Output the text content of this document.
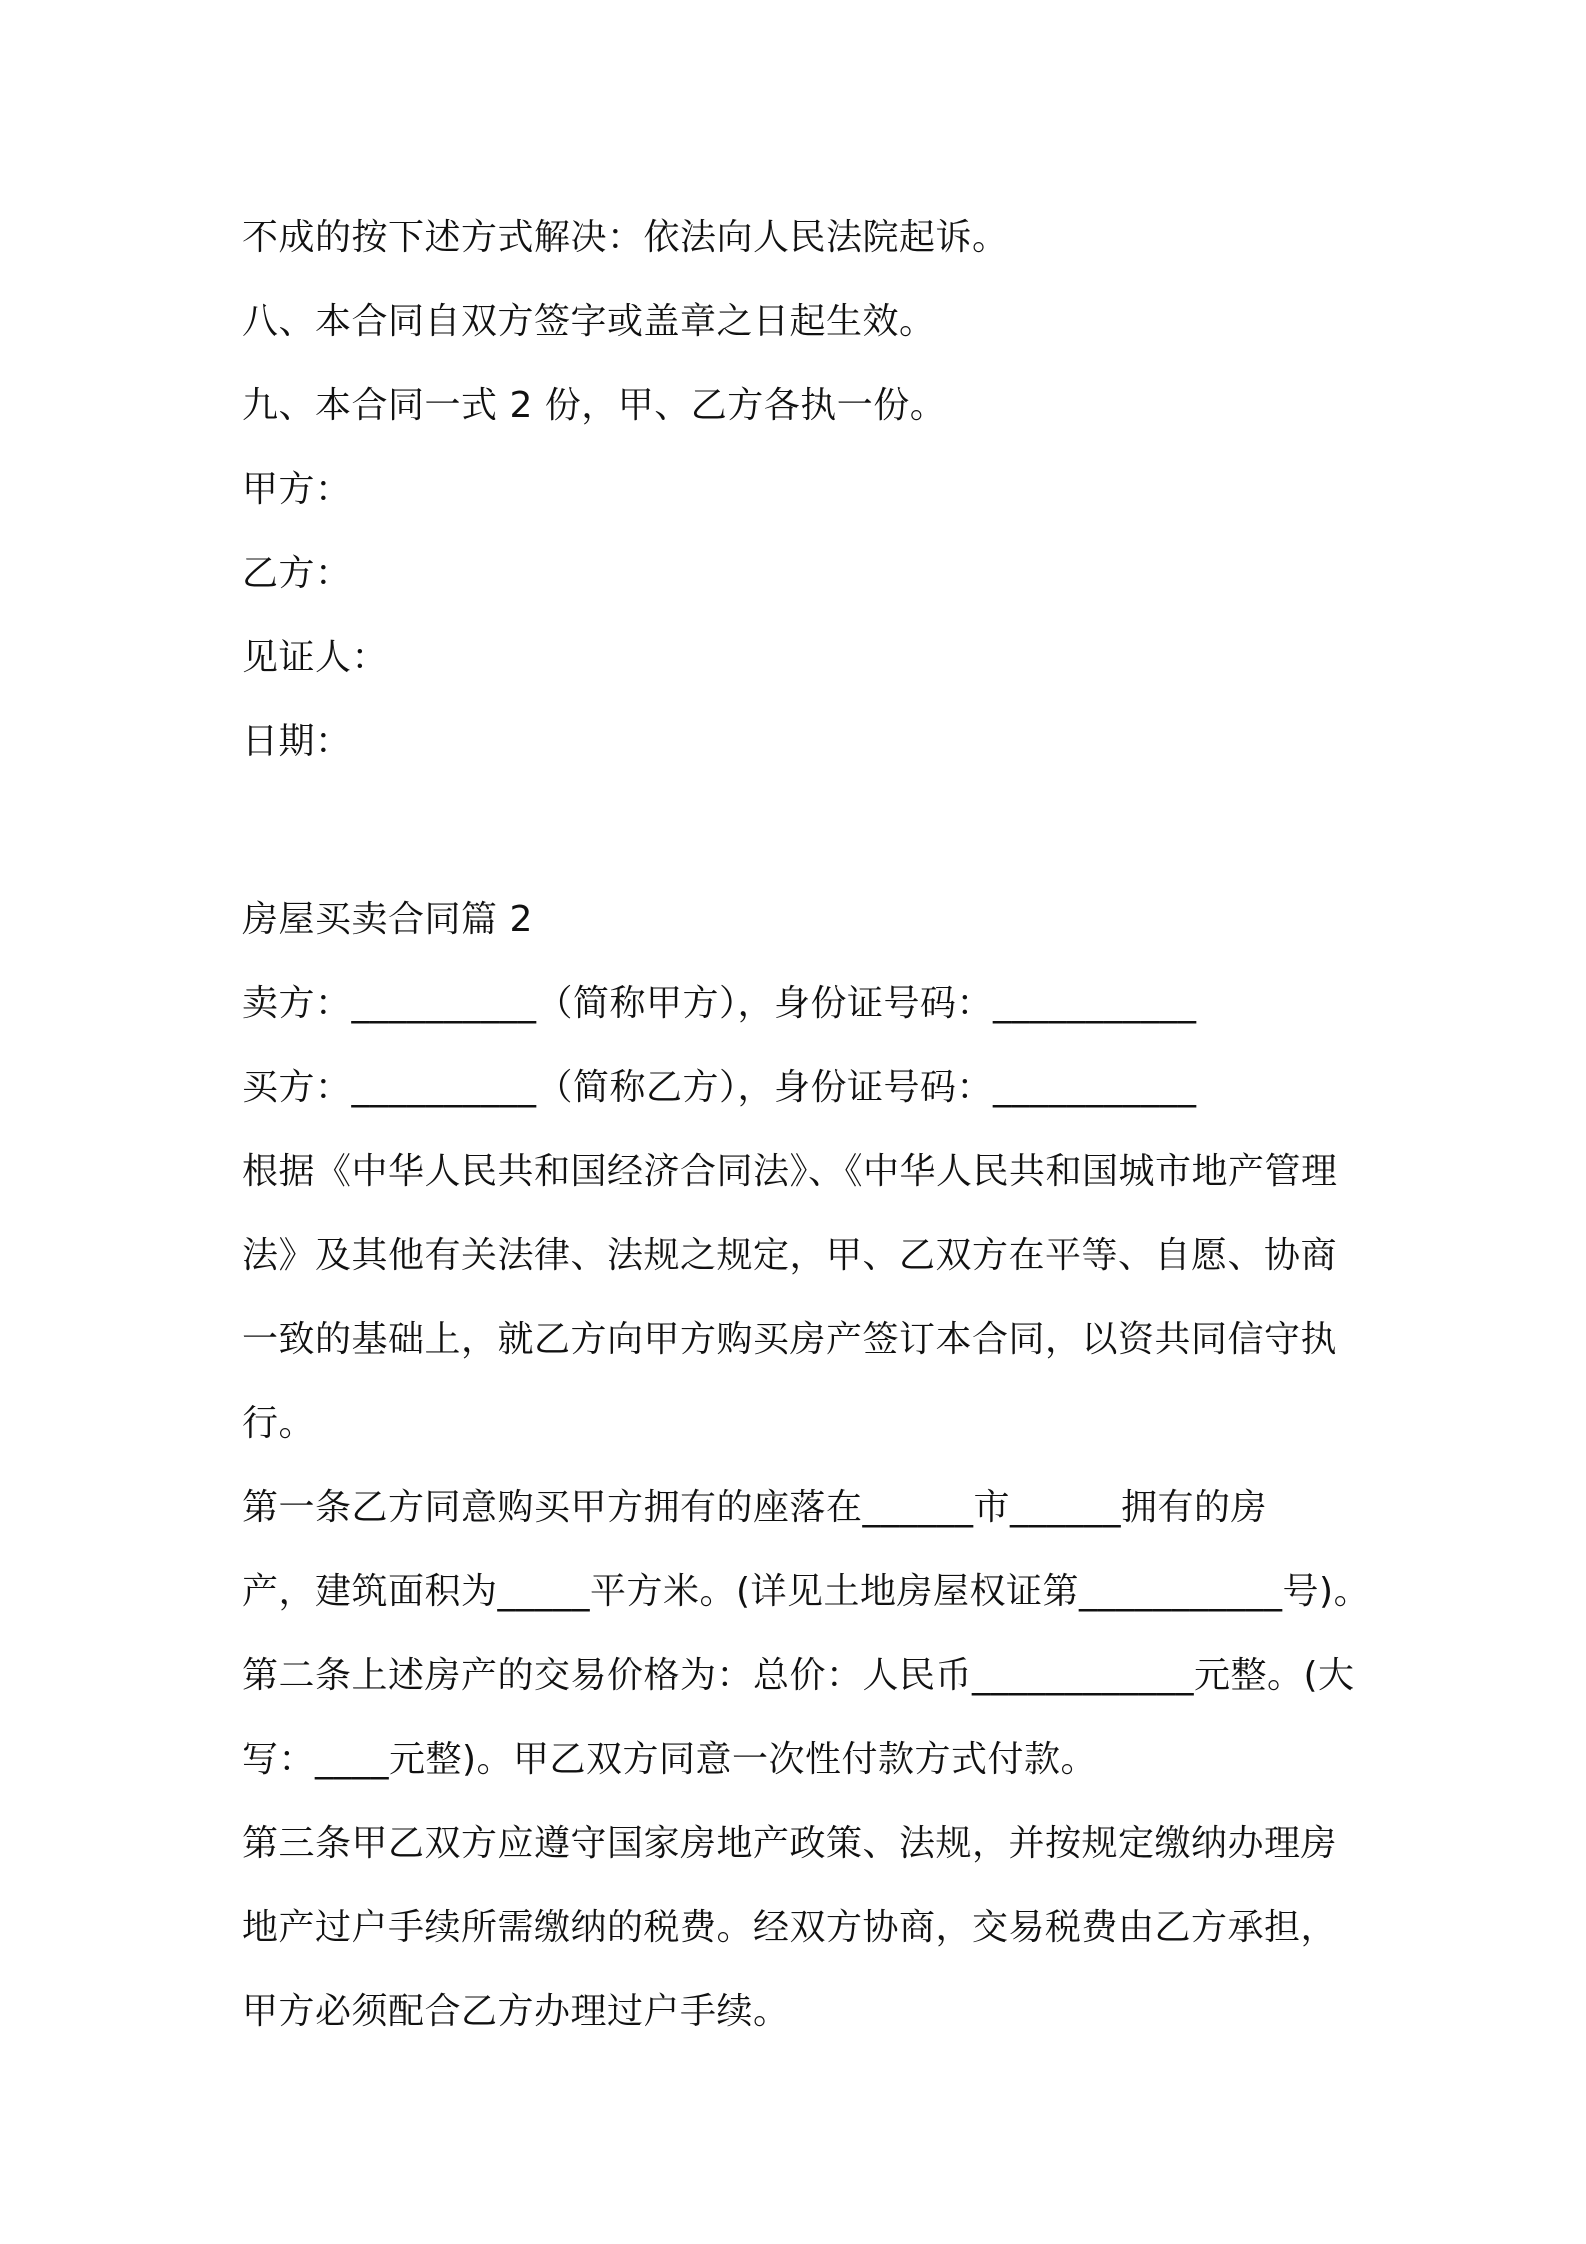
不成的按下述方式解决：依法向人民法院起诉。
八、本合同自双方签字或盖章之日起生效。
九、本合同一式 2 份，甲、乙方各执一份。
甲方：
乙方：
见证人：
日期：
房屋买卖合同篇 2
卖方：__________（简称甲方），身份证号码：___________
买方：__________（简称乙方），身份证号码：___________
根据《中华人民共和国经济合同法》、《中华人民共和国城市地产管理
法》及其他有关法律、法规之规定，甲、乙双方在平等、自愿、协商
一致的基础上，就乙方向甲方购买房产签订本合同，以资共同信守执
行。
第一条乙方同意购买甲方拥有的座落在______市______拥有的房
产，建筑面积为_____平方米。(详见土地房屋权证第___________号)。
第二条上述房产的交易价格为：总价：人民币____________元整。(大
写：____元整)。甲乙双方同意一次性付款方式付款。
第三条甲乙双方应遵守国家房地产政策、法规，并按规定缴纳办理房
地产过户手续所需缴纳的税费。经双方协商，交易税费由乙方承担，
甲方必须配合乙方办理过户手续。
